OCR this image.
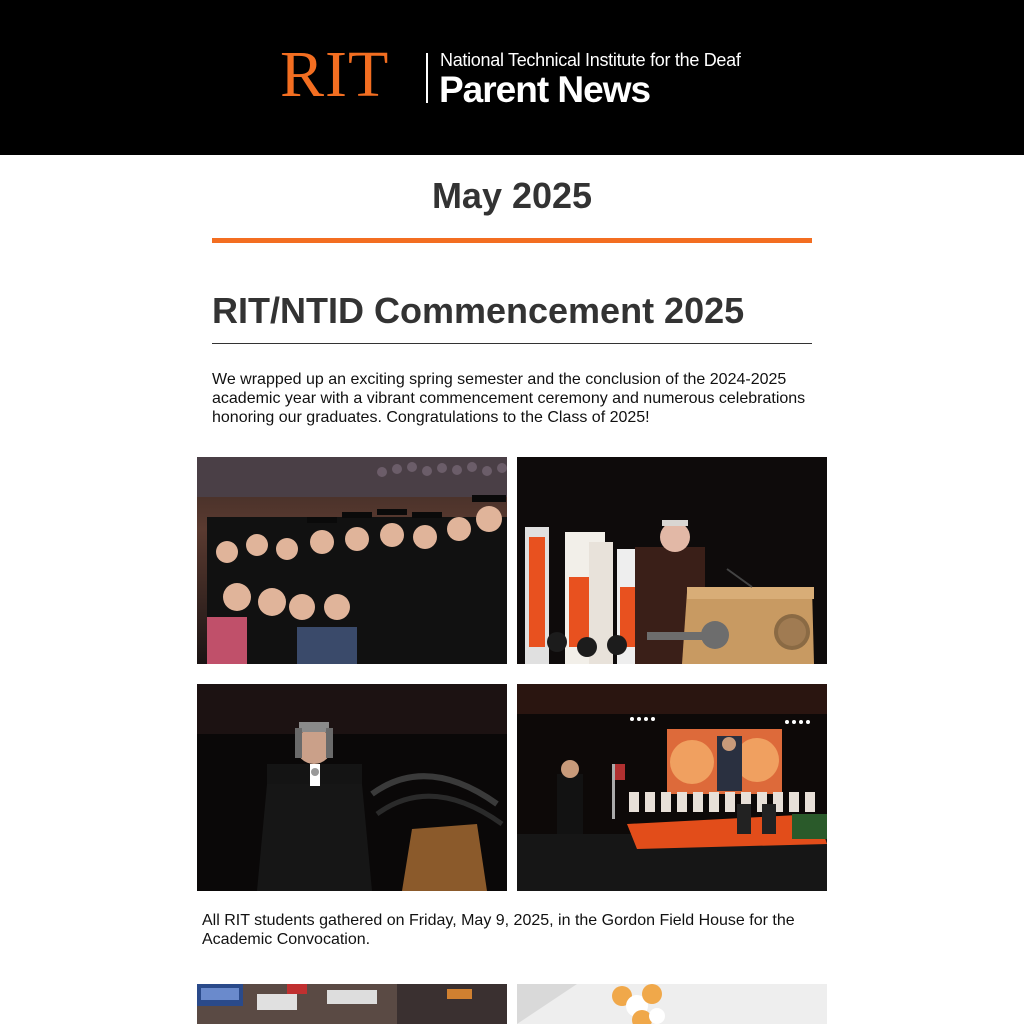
RIT	National Technical Institute for the Deaf
Parent News
May 2025
RIT/NTID Commencement 2025
We wrapped up an exciting spring semester and the conclusion of the 2024-2025 academic year with a vibrant commencement ceremony and numerous celebrations honoring our graduates. Congratulations to the Class of 2025!
All RIT students gathered on Friday, May 9, 2025, in the Gordon Field House for the Academic Convocation.
